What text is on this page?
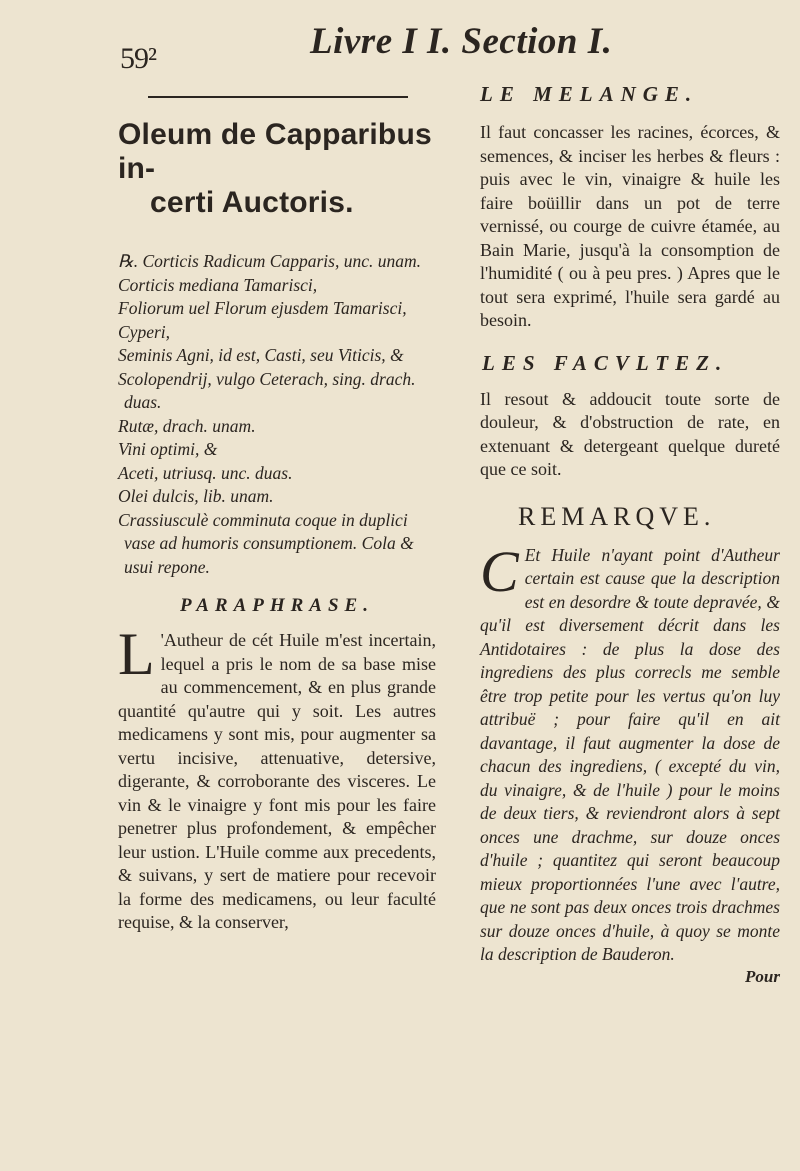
59²	Livre I I. Section I.
Oleum de Capparibus in-
certi Auctoris.
℞. Corticis Radicum Capparis, unc. unam.
Corticis mediana Tamarisci,
Foliorum uel Florum ejusdem Tamarisci,
Cyperi,
Seminis Agni, id est, Casti, seu Viticis, &
Scolopendrij, vulgo Ceterach, sing. drach. duas.
Rutæ, drach. unam.
Vini optimi, &
Aceti, utriusq. unc. duas.
Olei dulcis, lib. unam.
Crassiusculè comminuta coque in duplici vase ad humoris consumptionem. Cola & usui repone.
PARAPHRASE.

L 'Autheur de cét Huile m'est incertain, lequel a pris le nom de sa base mise au commencement, & en plus grande quantité qu'autre qui y soit. Les autres medicamens y sont mis, pour augmenter sa vertu incisive, attenuative, detersive, digerante, & corroborante des visceres. Le vin & le vinaigre y font mis pour les faire penetrer plus profondement, & empêcher leur ustion. L'Huile comme aux precedents, & suivans, y sert de matiere pour recevoir la forme des medicamens, ou leur faculté requise, & la conserver,

LE MELANGE.

Il faut concasser les racines, écorces, & semences, & inciser les herbes & fleurs : puis avec le vin, vinaigre & huile les faire boüillir dans un pot de terre vernissé, ou courge de cuivre étamée, au Bain Marie, jusqu'à la consomption de l'humidité ( ou à peu pres. ) Apres que le tout sera exprimé, l'huile sera gardé au besoin.

LES FACVLTEZ.

Il resout & addoucit toute sorte de douleur, & d'obstruction de rate, en extenuant & detergeant quelque dureté que ce soit.

REMARQVE.

C Et Huile n'ayant point d'Autheur certain est cause que la description est en desordre & toute depravée, & qu'il est diversement décrit dans les Antidotaires : de plus la dose des ingrediens des plus correcls me semble être trop petite pour les vertus qu'on luy attribuë ; pour faire qu'il en ait davantage, il faut augmenter la dose de chacun des ingrediens, ( excepté du vin, du vinaigre, & de l'huile ) pour le moins de deux tiers, & reviendront alors à sept onces une drachme, sur douze onces d'huile ; quantitez qui seront beaucoup mieux proportionnées l'une avec l'autre, que ne sont pas deux onces trois drachmes sur douze onces d'huile, à quoy se monte la description de Bauderon.

Pour
